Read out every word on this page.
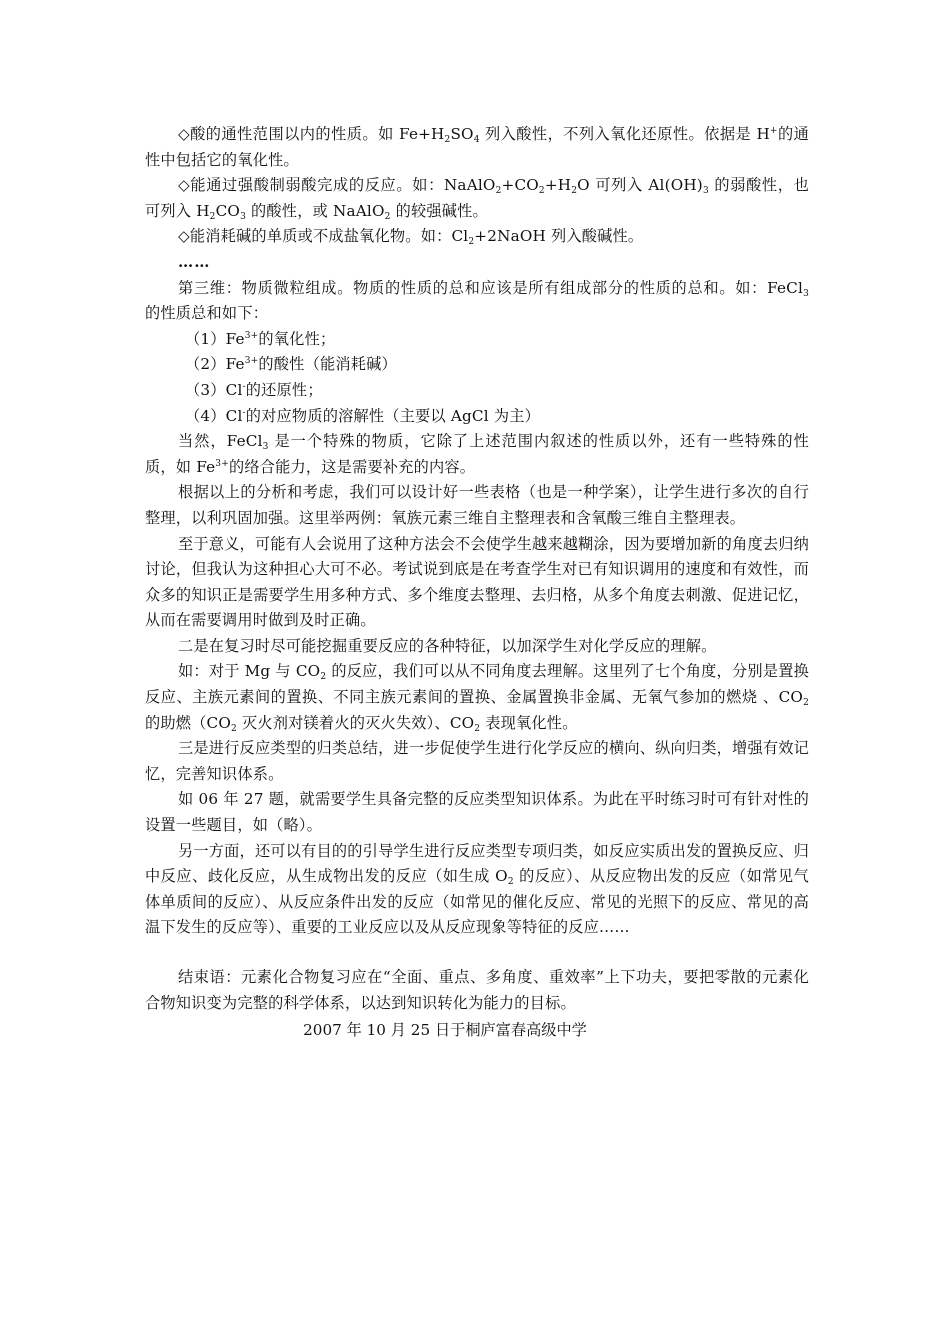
◇酸的通性范围以内的性质。如 $Fe+H_2SO_4$ 列入酸性，不列入氧化还原性。依据是 H+的通性中包括它的氧化性。

◇能通过强酸制弱酸完成的反应。如：$NaAlO_2+CO_2+H_2O$ 可列入 $Al(OH)_3$ 的弱酸性，也可列入 $H_2CO_3$ 的酸性，或 NaAlO$_2$ 的较强碱性。

◇能消耗碱的单质或不成盐氧化物。如：$Cl_2+2NaOH$ 列入酸碱性。

……

第三维：物质微粒组成。物质的性质的总和应该是所有组成部分的性质的总和。如：FeCl$_3$ 的性质总和如下：

$(1)Fe^{3+}$的氧化性；

$(2)Fe^{3+}$的酸性（能消耗碱）

（3）Cl-的还原性；

（4）Cl-的对应物质的溶解性（主要以 AgCl 为主）

当然，FeCl$_3$ 是一个特殊的物质，它除了上述范围内叙述的性质以外，还有一些特殊的性质，如 $Fe^{3+}$的络合能力，这是需要补充的内容。

根据以上的分析和考虑，我们可以设计好一些表格（也是一种学案），让学生进行多次的自行整理，以利巩固加强。这里举两例：氧族元素三维自主整理表和含氧酸三维自主整理表。

至于意义，可能有人会说用了这种方法会不会使学生越来越糊涂，因为要增加新的角度去归纳讨论，但我认为这种担心大可不必。考试说到底是在考查学生对已有知识调用的速度和有效性，而众多的知识正是需要学生用多种方式、多个维度去整理、去归格，从多个角度去刺激、促进记忆，从而在需要调用时做到及时正确。

二是在复习时尽可能挖掘重要反应的各种特征，以加深学生对化学反应的理解。

如：对于 Mg 与 $CO_2$ 的反应，我们可以从不同角度去理解。这里列了七个角度，分别是置换反应、主族元素间的置换、不同主族元素间的置换、金属置换非金属、无氧气参加的燃烧 、$CO_2$ 的助燃（$CO_2$ 灭火剂对镁着火的灭火失效）、$CO_2$ 表现氧化性。

三是进行反应类型的归类总结，进一步促使学生进行化学反应的横向、纵向归类，增强有效记忆，完善知识体系。

如 06 年 27 题，就需要学生具备完整的反应类型知识体系。为此在平时练习时可有针对性的设置一些题目，如（略）。

另一方面，还可以有目的的引导学生进行反应类型专项归类，如反应实质出发的置换反应、归中反应、歧化反应，从生成物出发的反应（如生成 $O_2$ 的反应）、从反应物出发的反应（如常见气体单质间的反应）、从反应条件出发的反应（如常见的催化反应、常见的光照下的反应、常见的高温下发生的反应等）、重要的工业反应以及从反应现象等特征的反应……

结束语：元素化合物复习应在“全面、重点、多角度、重效率”上下功夫，要把零散的元素化合物知识变为完整的科学体系，以达到知识转化为能力的目标。

2007 年 10 月 25 日于桐庐富春高级中学
